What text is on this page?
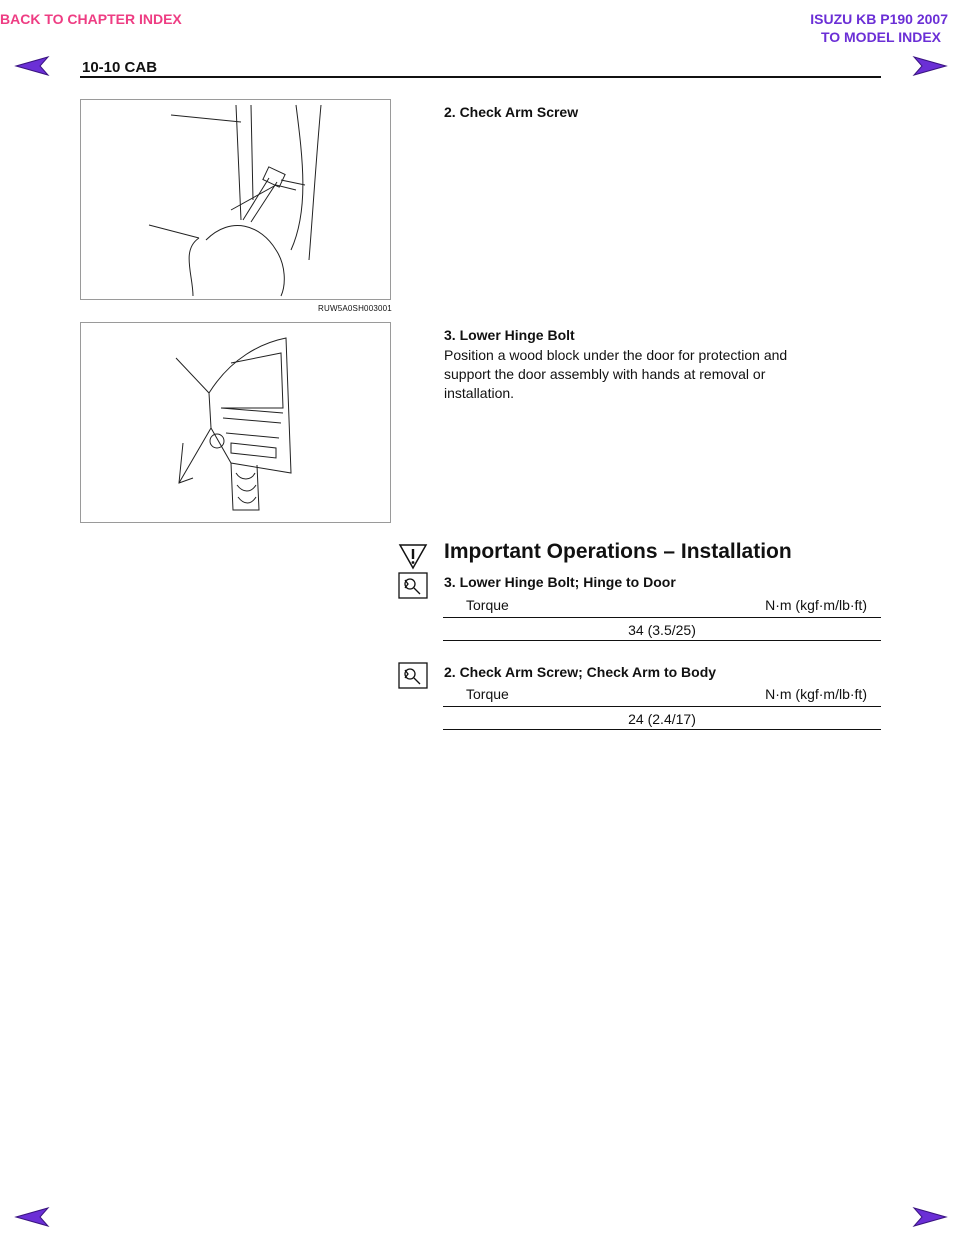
BACK TO CHAPTER INDEX	ISUZU KB P190 2007
TO MODEL INDEX
10-10 CAB
RUW5A0SH003001
2. Check Arm Screw
3. Lower Hinge Bolt
Position a wood block under the door for protection and
support the door assembly with hands at removal or
installation.
Important Operations – Installation
3. Lower Hinge Bolt; Hinge to Door
Torque	N·m (kgf·m/lb·ft)
34 (3.5/25)
2. Check Arm Screw; Check Arm to Body
Torque	N·m (kgf·m/lb·ft)
24 (2.4/17)
